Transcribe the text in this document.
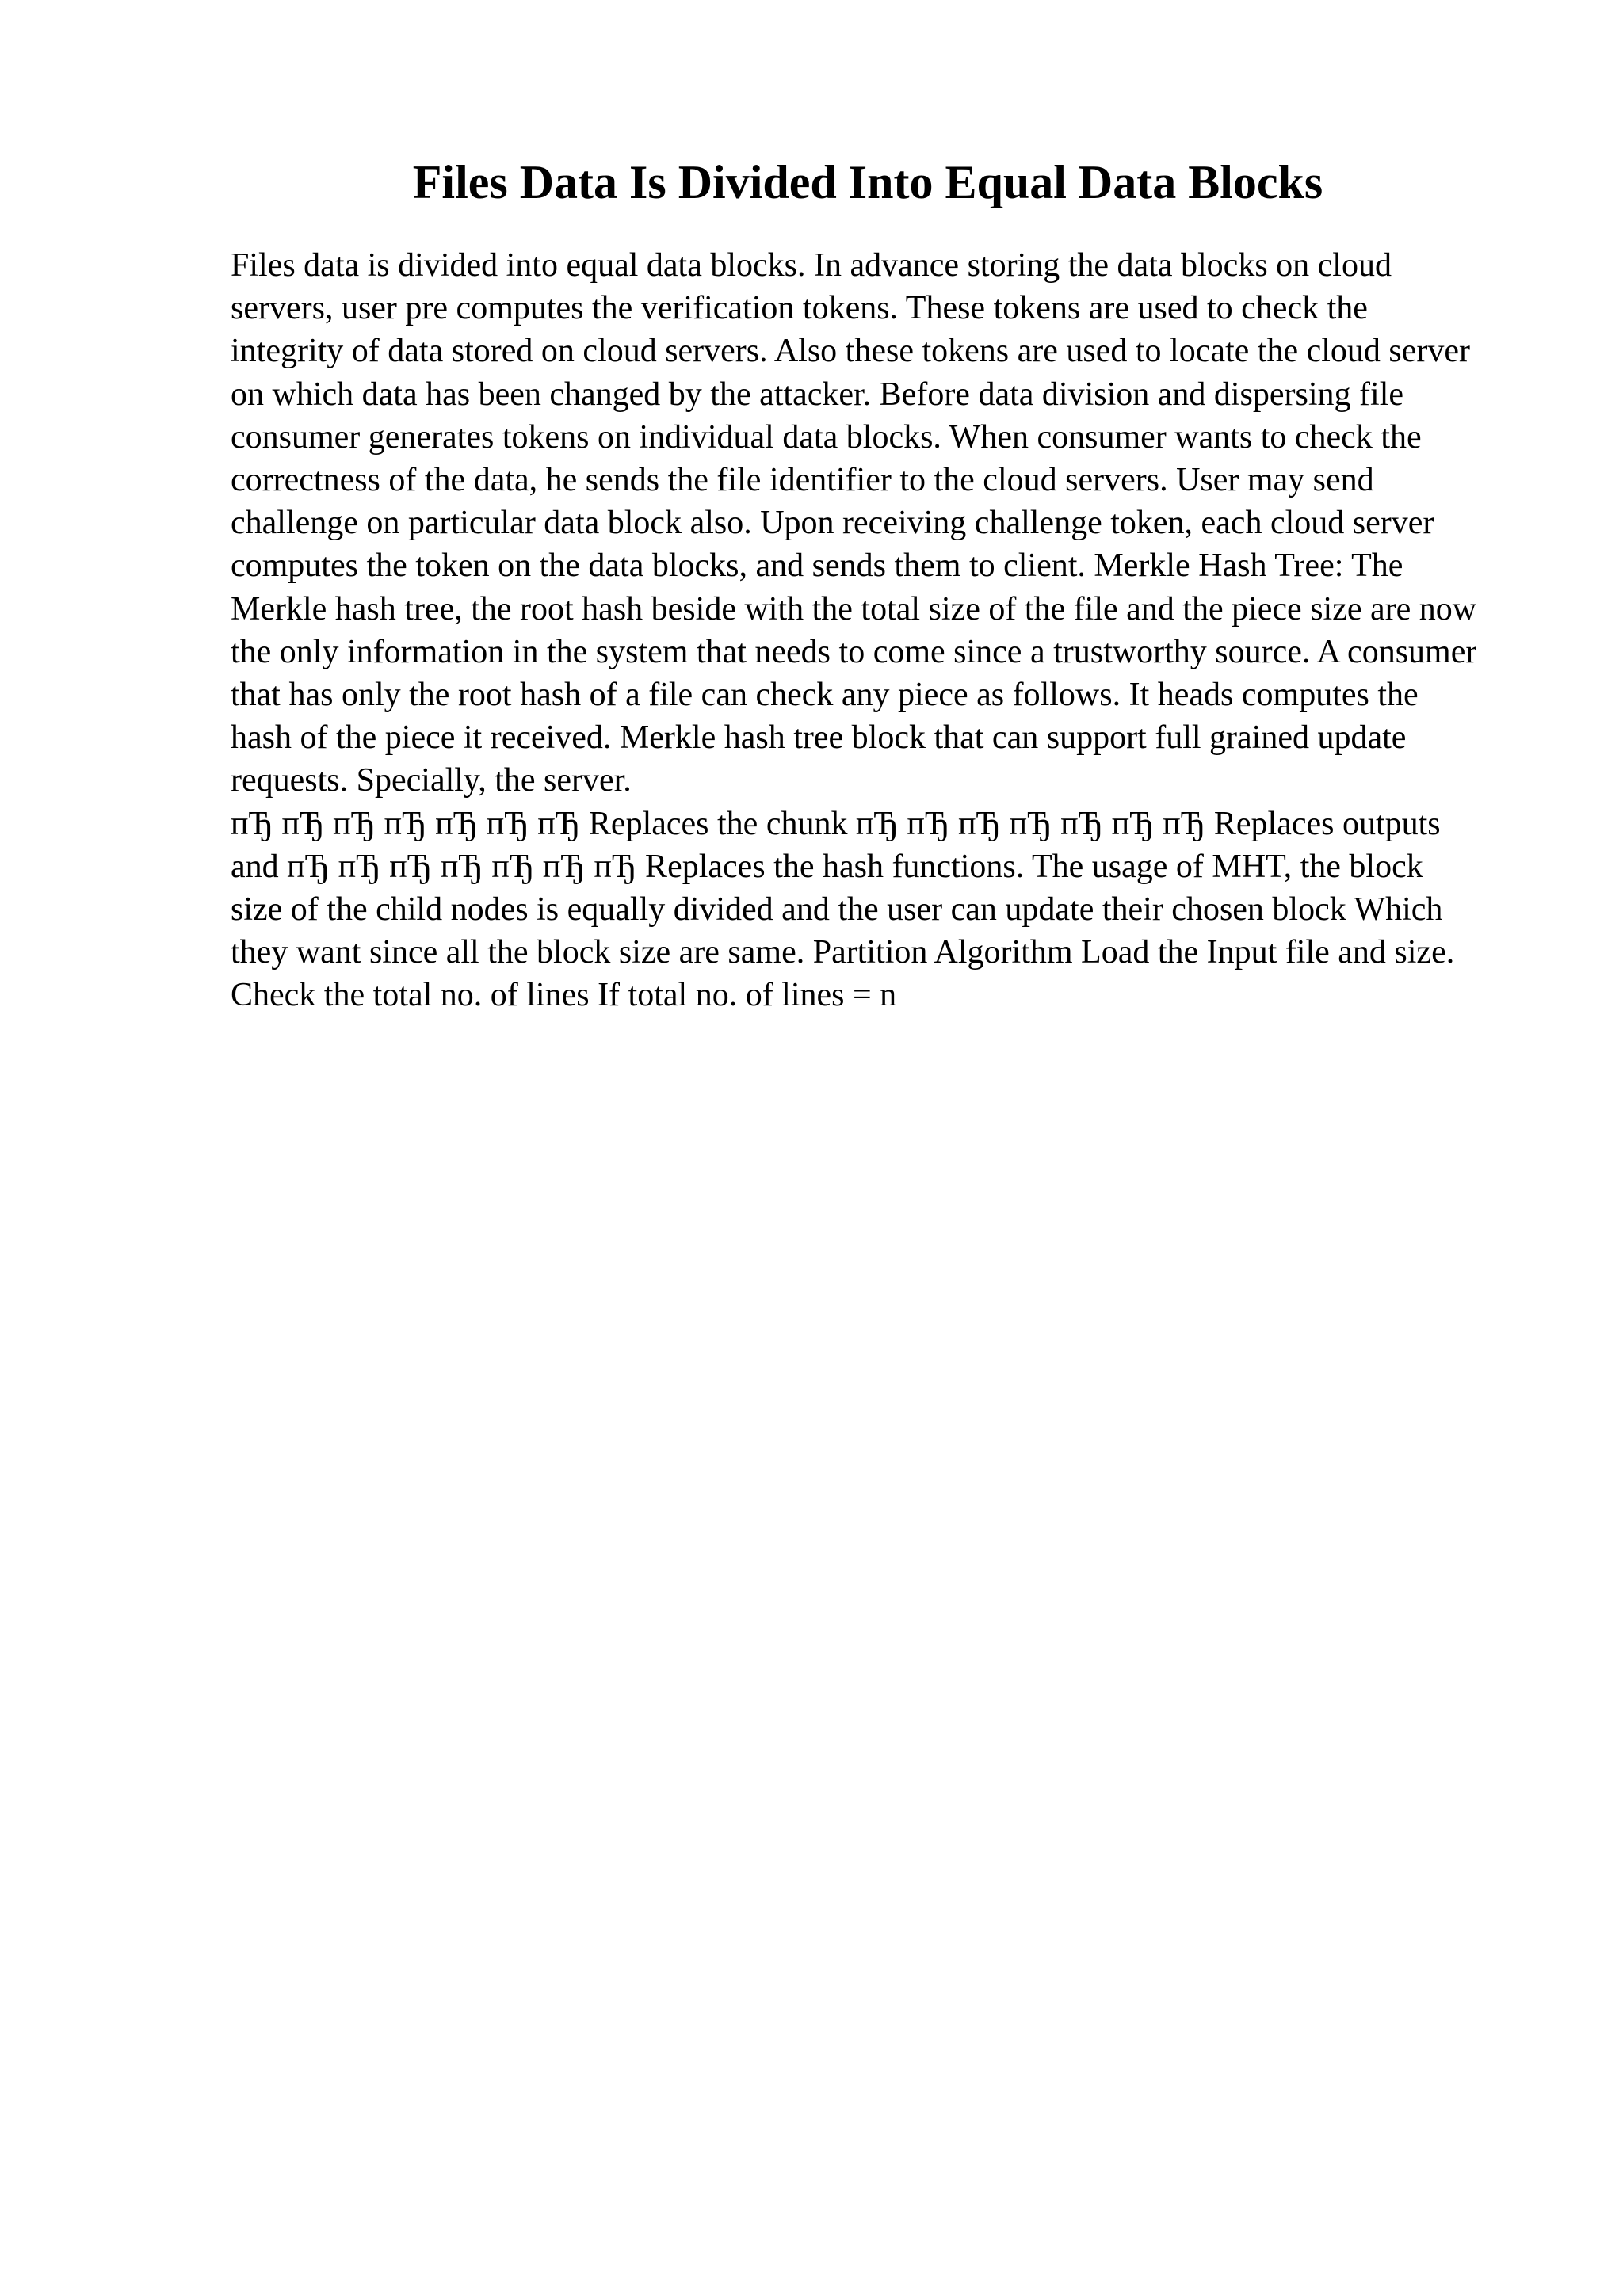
Files Data Is Divided Into Equal Data Blocks

Files data is divided into equal data blocks. In advance storing the data blocks on cloud servers, user pre computes the verification tokens. These tokens are used to check the integrity of data stored on cloud servers. Also these tokens are used to locate the cloud server on which data has been changed by the attacker. Before data division and dispersing file consumer generates tokens on individual data blocks. When consumer wants to check the correctness of the data, he sends the file identifier to the cloud servers. User may send challenge on particular data block also. Upon receiving challenge token, each cloud server computes the token on the data blocks, and sends them to client. Merkle Hash Tree: The Merkle hash tree, the root hash beside with the total size of the file and the piece size are now the only information in the system that needs to come since a trustworthy source. A consumer that has only the root hash of a file can check any piece as follows. It heads computes the hash of the piece it received. Merkle hash tree block that can support full grained update requests. Specially, the server.

пЂ пЂ пЂ пЂ пЂ пЂ пЂ Replaces the chunk пЂ пЂ пЂ пЂ пЂ пЂ пЂ Replaces outputs and пЂ пЂ пЂ пЂ пЂ пЂ пЂ Replaces the hash functions. The usage of MHT, the block size of the child nodes is equally divided and the user can update their chosen block Which they want since all the block size are same. Partition Algorithm Load the Input file and size. Check the total no. of lines If total no. of lines = n
